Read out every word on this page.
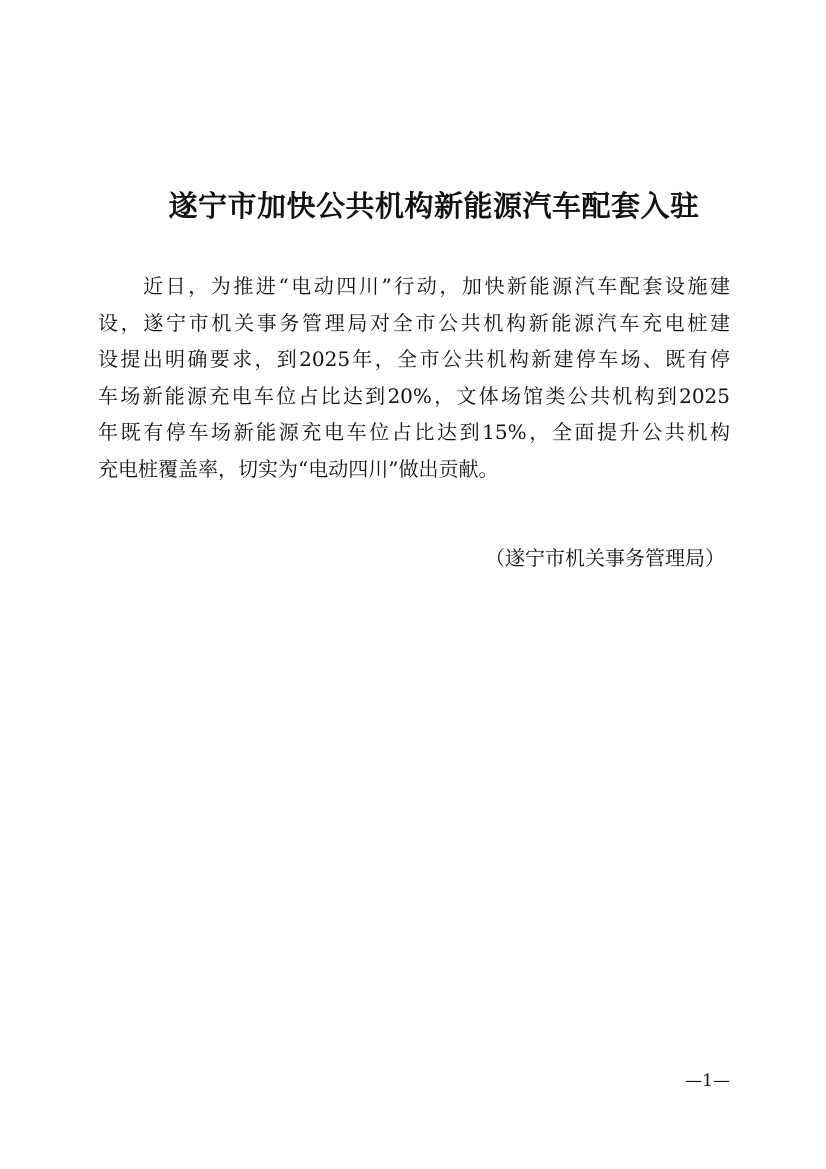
遂宁市加快公共机构新能源汽车配套入驻
　　近日，为推进“电动四川”行动，加快新能源汽车配套设施建
设，遂宁市机关事务管理局对全市公共机构新能源汽车充电桩建
设提出明确要求，到2025年，全市公共机构新建停车场、既有停
车场新能源充电车位占比达到20%，文体场馆类公共机构到2025
年既有停车场新能源充电车位占比达到15%，全面提升公共机构
充电桩覆盖率，切实为“电动四川”做出贡献。
（遂宁市机关事务管理局）
—1—
